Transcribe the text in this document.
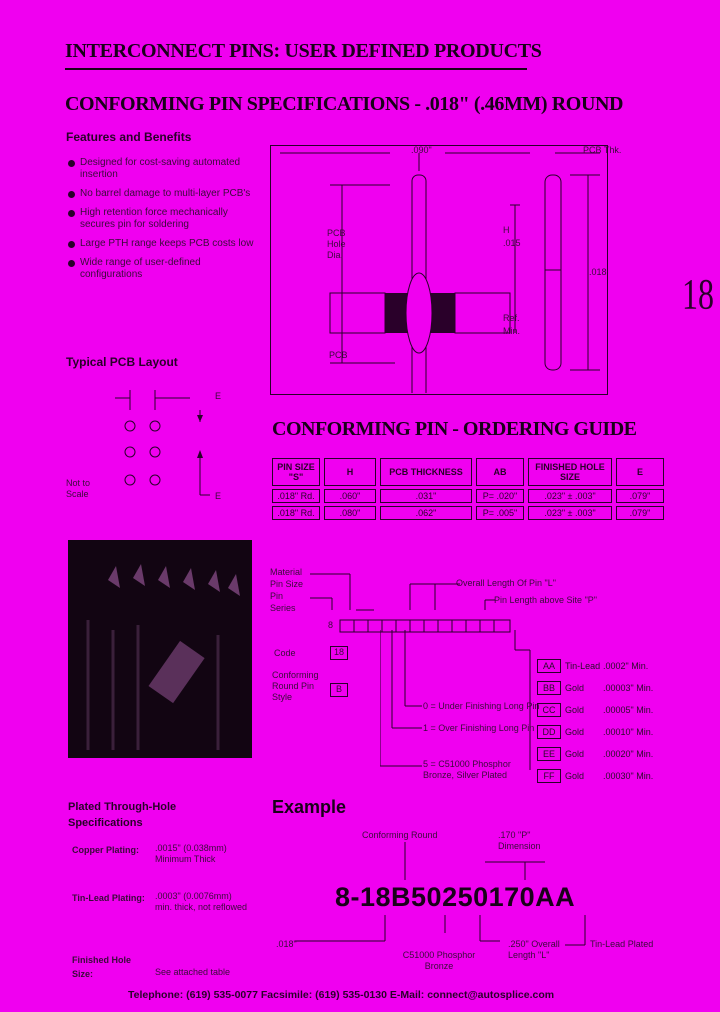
INTERCONNECT PINS: USER DEFINED PRODUCTS
CONFORMING PIN SPECIFICATIONS - .018" (.46MM) ROUND
18
Features and Benefits
Designed for cost-saving automated insertion
No barrel damage to multi-layer PCB's
High retention force mechanically secures pin for soldering
Large PTH range keeps PCB costs low
Wide range of user-defined configurations
Typical PCB Layout
E
E
Not to Scale
.090"	PCB Thk.
PCB Hole Dia.
H
.015
Ref.
Min.
PCB
.018
CONFORMING PIN - ORDERING GUIDE
PIN SIZE "S"	H	PCB THICKNESS	AB	FINISHED HOLE SIZE	E
.018" Rd.	.060"	.031"	P= .020"	.023" ± .003"	.079"
.018" Rd.	.080"	.062"	P= .005"	.023" ± .003"	.079"
Material
Pin Size
Pin
Series
Overall Length Of Pin "L"
Pin Length above Site "P"
8
Code	18
Conforming Round Pin Style
B
0 = Under Finishing Long Pin
1 = Over Finishing Long Pin
5 = C51000 Phosphor Bronze, Silver Plated
AA	Tin-Lead .0002" Min.
BB	Gold	.00003" Min.
CC	Gold	.00005" Min.
DD	Gold	.00010" Min.
EE	Gold	.00020" Min.
FF	Gold	.00030" Min.
Plated Through-Hole Specifications
Copper Plating: .0015" (0.038mm) Minimum Thick
Tin-Lead Plating: .0003" (0.0076mm) min. thick, not reflowed
Finished Hole Size:	See attached table
Example
Conforming Round	.170 "P" Dimension
8-18B50250170AA
.018"
C51000 Phosphor Bronze
.250" Overall Length "L"
Tin-Lead Plated
Telephone: (619) 535-0077 Facsimile: (619) 535-0130 E-Mail: connect@autosplice.com
